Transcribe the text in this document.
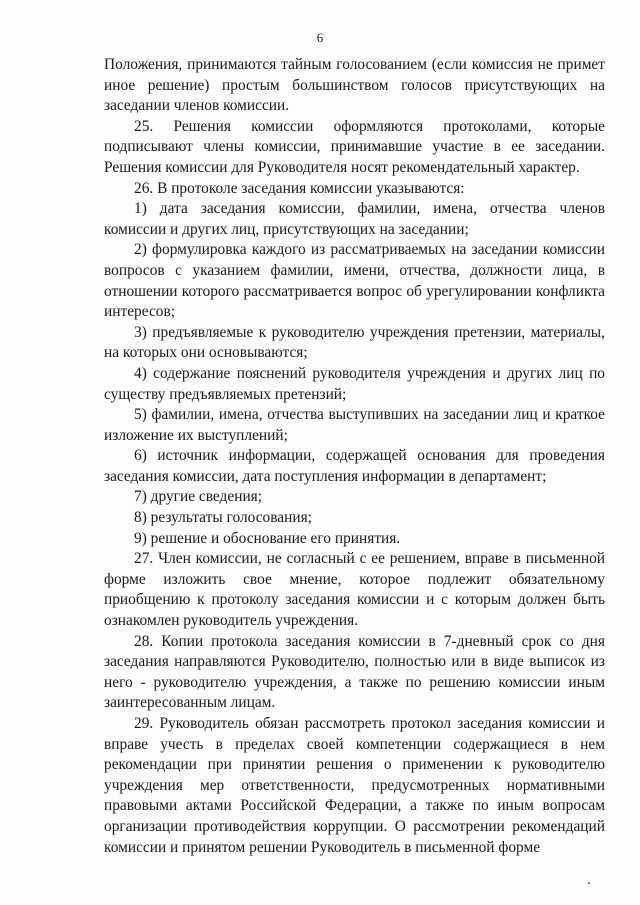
6

Положения, принимаются тайным голосованием (если комиссия не примет иное решение) простым большинством голосов присутствующих на заседании членов комиссии.

25. Решения комиссии оформляются протоколами, которые подписывают члены комиссии, принимавшие участие в ее заседании. Решения комиссии для Руководителя носят рекомендательный характер.

26. В протоколе заседания комиссии указываются:

1) дата заседания комиссии, фамилии, имена, отчества членов комиссии и других лиц, присутствующих на заседании;

2) формулировка каждого из рассматриваемых на заседании комиссии вопросов с указанием фамилии, имени, отчества, должности лица, в отношении которого рассматривается вопрос об урегулировании конфликта интересов;

3) предъявляемые к руководителю учреждения претензии, материалы, на которых они основываются;

4) содержание пояснений руководителя учреждения и других лиц по существу предъявляемых претензий;

5) фамилии, имена, отчества выступивших на заседании лиц и краткое изложение их выступлений;

6) источник информации, содержащей основания для проведения заседания комиссии, дата поступления информации в департамент;

7) другие сведения;

8) результаты голосования;

9) решение и обоснование его принятия.

27. Член комиссии, не согласный с ее решением, вправе в письменной форме изложить свое мнение, которое подлежит обязательному приобщению к протоколу заседания комиссии и с которым должен быть ознакомлен руководитель учреждения.

28. Копии протокола заседания комиссии в 7-дневный срок со дня заседания направляются Руководителю, полностью или в виде выписок из него - руководителю учреждения, а также по решению комиссии иным заинтересованным лицам.

29. Руководитель обязан рассмотреть протокол заседания комиссии и вправе учесть в пределах своей компетенции содержащиеся в нем рекомендации при принятии решения о применении к руководителю учреждения мер ответственности, предусмотренных нормативными правовыми актами Российской Федерации, а также по иным вопросам организации противодействия коррупции. О рассмотрении рекомендаций комиссии и принятом решении Руководитель в письменной форме
